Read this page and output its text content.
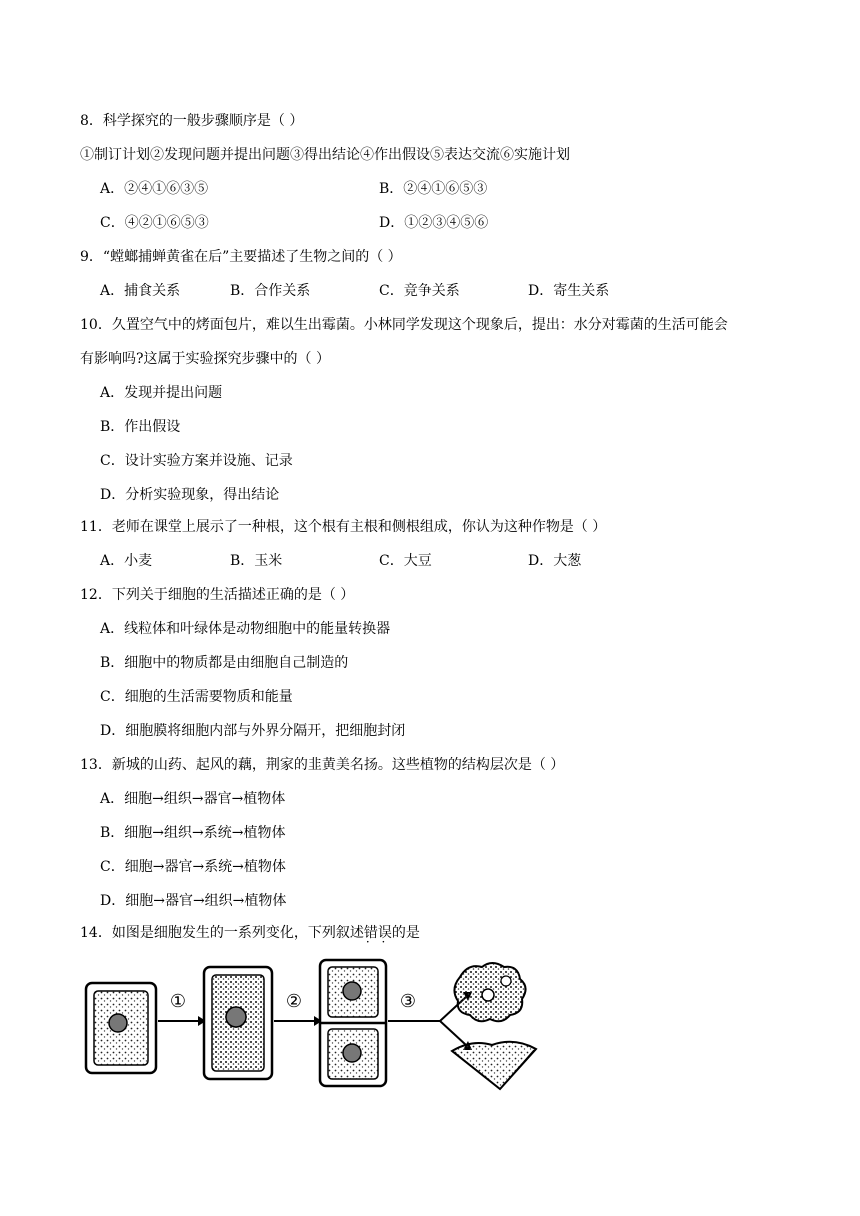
8．科学探究的一般步骤顺序是（ ）
①制订计划②发现问题并提出问题③得出结论④作出假设⑤表达交流⑥实施计划
A．②④①⑥③⑤	B．②④①⑥⑤③
C．④②①⑥⑤③	D．①②③④⑤⑥
9．“螳螂捕蝉黄雀在后”主要描述了生物之间的（ ）
A．捕食关系	B．合作关系	C．竞争关系	D．寄生关系
10．久置空气中的烤面包片，难以生出霉菌。小林同学发现这个现象后，提出：水分对霉菌的生活可能会
有影响吗?这属于实验探究步骤中的（ ）
A．发现并提出问题
B．作出假设
C．设计实验方案并设施、记录
D．分析实验现象，得出结论
11．老师在课堂上展示了一种根，这个根有主根和侧根组成，你认为这种作物是（ ）
A．小麦	B．玉米	C．大豆	D．大葱
12．下列关于细胞的生活描述正确的是（ ）
A．线粒体和叶绿体是动物细胞中的能量转换器
B．细胞中的物质都是由细胞自己制造的
C．细胞的生活需要物质和能量
D．细胞膜将细胞内部与外界分隔开，把细胞封闭
13．新城的山药、起风的藕，荆家的韭黄美名扬。这些植物的结构层次是（ ）
A．细胞→组织→器官→植物体
B．细胞→组织→系统→植物体
C．细胞→器官→系统→植物体
D．细胞→器官→组织→植物体
14．如图是细胞发生的一系列变化，下列叙述错误 · ·的是
①	②	③
